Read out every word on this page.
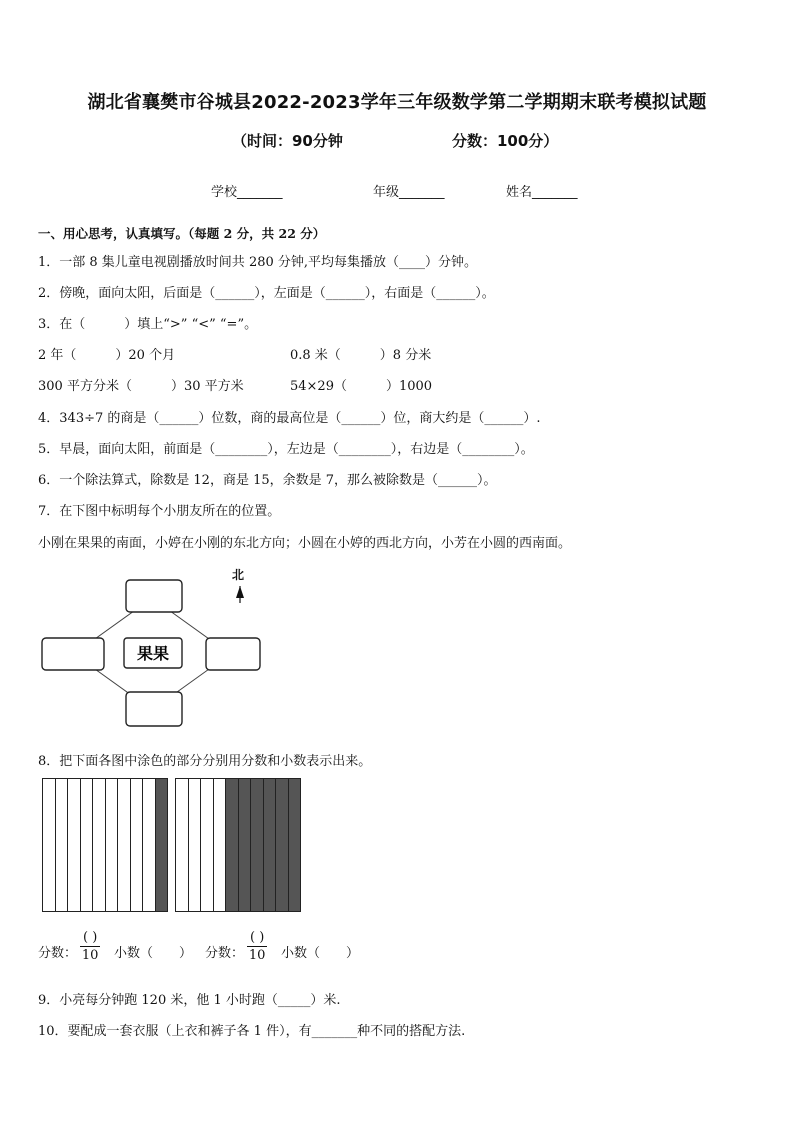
湖北省襄樊市谷城县2022-2023学年三年级数学第二学期期末联考模拟试题
（时间：90分钟	分数：100分）
学校_______	年级_______	姓名_______
一、用心思考，认真填写。（每题 2 分，共 22 分）
1．一部 8 集儿童电视剧播放时间共 280 分钟,平均每集播放（____）分钟。
2．傍晚，面向太阳，后面是（______），左面是（______），右面是（______）。
3．在（　　　）填上“>” “<” “=”。
2 年（　　　）20 个月	0.8 米（　　　）8 分米
300 平方分米（　　　）30 平方米	54×29（　　　）1000
4．343÷7 的商是（______）位数，商的最高位是（______）位，商大约是（______）.
5．早晨，面向太阳，前面是（________），左边是（________），右边是（________）。
6．一个除法算式，除数是 12，商是 15，余数是 7，那么被除数是（______）。
7．在下图中标明每个小朋友所在的位置。
小刚在果果的南面，小婷在小刚的东北方向；小圆在小婷的西北方向，小芳在小圆的西南面。
果果
北
8．把下面各图中涂色的部分分别用分数和小数表示出来。
分数：
( )
10 小数（　　） 分数：
( )
10 小数（　　）
9．小亮每分钟跑 120 米，他 1 小时跑（_____）米.
10．要配成一套衣服（上衣和裤子各 1 件），有_______种不同的搭配方法.
